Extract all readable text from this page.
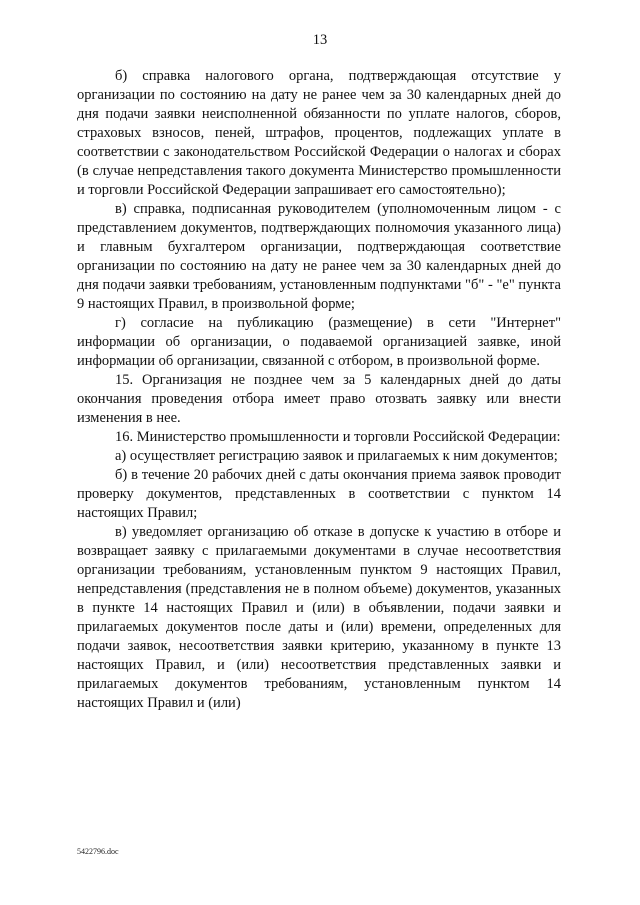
13

б) справка налогового органа, подтверждающая отсутствие у организации по состоянию на дату не ранее чем за 30 календарных дней до дня подачи заявки неисполненной обязанности по уплате налогов, сборов, страховых взносов, пеней, штрафов, процентов, подлежащих уплате в соответствии с законодательством Российской Федерации о налогах и сборах (в случае непредставления такого документа Министерство промышленности и торговли Российской Федерации запрашивает его самостоятельно);

в) справка, подписанная руководителем (уполномоченным лицом - с представлением документов, подтверждающих полномочия указанного лица) и главным бухгалтером организации, подтверждающая соответствие организации по состоянию на дату не ранее чем за 30 календарных дней до дня подачи заявки требованиям, установленным подпунктами "б" - "е" пункта 9 настоящих Правил, в произвольной форме;

г) согласие на публикацию (размещение) в сети "Интернет" информации об организации, о подаваемой организацией заявке, иной информации об организации, связанной с отбором, в произвольной форме.

15. Организация не позднее чем за 5 календарных дней до даты окончания проведения отбора имеет право отозвать заявку или внести изменения в нее.

16. Министерство промышленности и торговли Российской Федерации:

а) осуществляет регистрацию заявок и прилагаемых к ним документов;

б) в течение 20 рабочих дней с даты окончания приема заявок проводит проверку документов, представленных в соответствии с пунктом 14 настоящих Правил;

в) уведомляет организацию об отказе в допуске к участию в отборе и возвращает заявку с прилагаемыми документами в случае несоответствия организации требованиям, установленным пунктом 9 настоящих Правил, непредставления (представления не в полном объеме) документов, указанных в пункте 14 настоящих Правил и (или) в объявлении, подачи заявки и прилагаемых документов после даты и (или) времени, определенных для подачи заявок, несоответствия заявки критерию, указанному в пункте 13 настоящих Правил, и (или) несоответствия представленных заявки и прилагаемых документов требованиям, установленным пунктом 14 настоящих Правил и (или)

5422796.doc
